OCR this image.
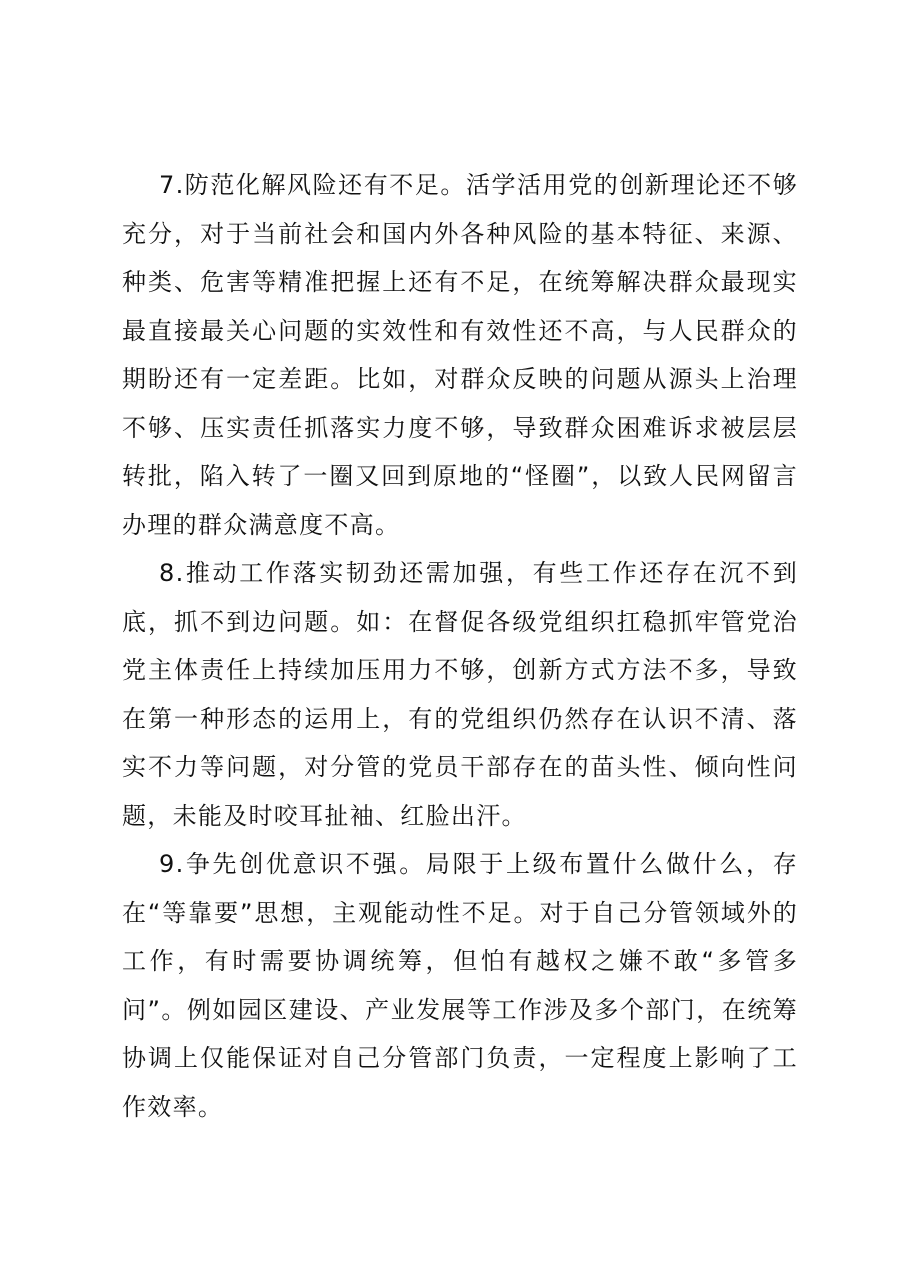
7.防范化解风险还有不足。活学活用党的创新理论还不够充分，对于当前社会和国内外各种风险的基本特征、来源、种类、危害等精准把握上还有不足，在统筹解决群众最现实最直接最关心问题的实效性和有效性还不高，与人民群众的期盼还有一定差距。比如，对群众反映的问题从源头上治理不够、压实责任抓落实力度不够，导致群众困难诉求被层层转批，陷入转了一圈又回到原地的“怪圈”，以致人民网留言办理的群众满意度不高。

8.推动工作落实韧劲还需加强，有些工作还存在沉不到底，抓不到边问题。如：在督促各级党组织扛稳抓牢管党治党主体责任上持续加压用力不够，创新方式方法不多，导致在第一种形态的运用上，有的党组织仍然存在认识不清、落实不力等问题，对分管的党员干部存在的苗头性、倾向性问题，未能及时咬耳扯袖、红脸出汗。

9.争先创优意识不强。局限于上级布置什么做什么，存在“等靠要”思想，主观能动性不足。对于自己分管领域外的工作，有时需要协调统筹，但怕有越权之嫌不敢“多管多问”。例如园区建设、产业发展等工作涉及多个部门，在统筹协调上仅能保证对自己分管部门负责，一定程度上影响了工作效率。
